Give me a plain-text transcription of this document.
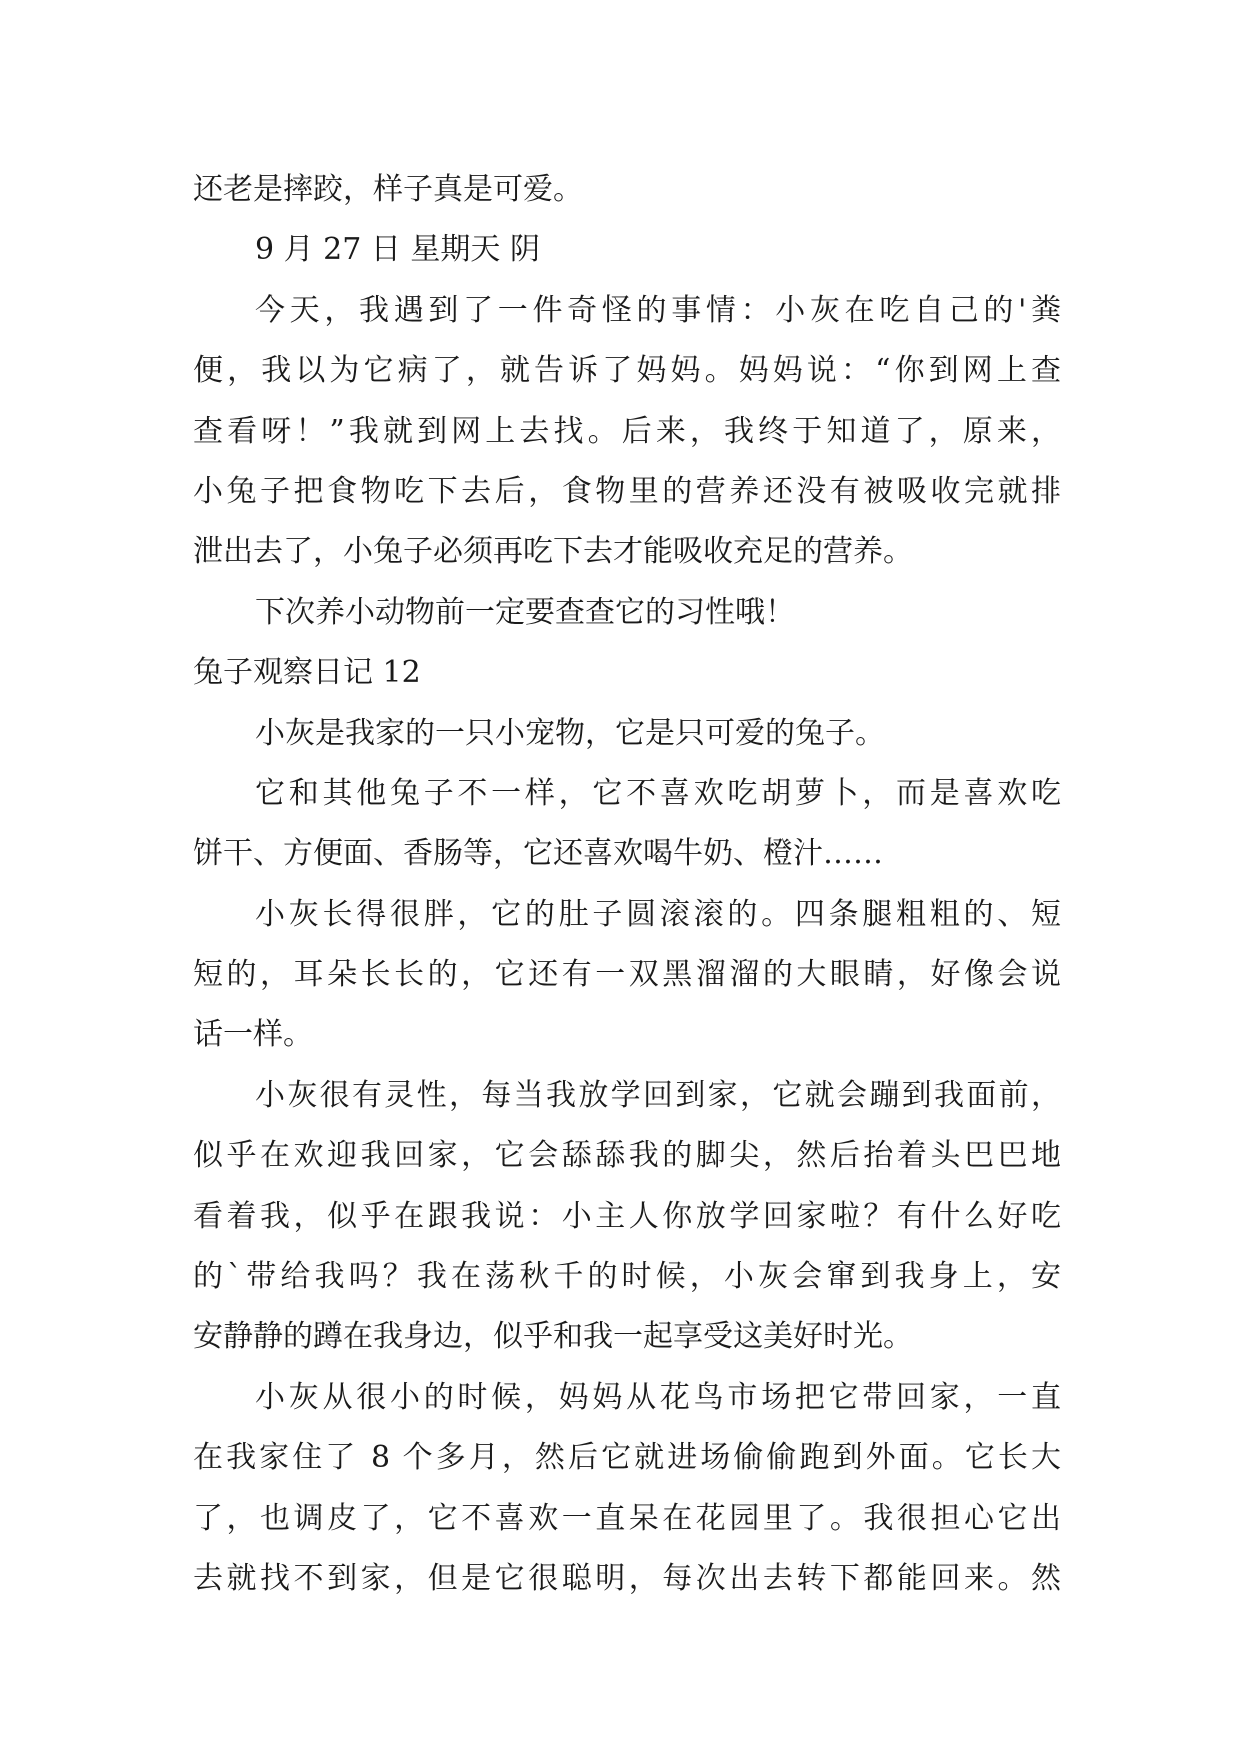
还老是摔跤，样子真是可爱。
9 月 27 日 星期天 阴
今天，我遇到了一件奇怪的事情：小灰在吃自己的'粪
便，我以为它病了，就告诉了妈妈。妈妈说：“你到网上查
查看呀！”我就到网上去找。后来，我终于知道了，原来，
小兔子把食物吃下去后，食物里的营养还没有被吸收完就排
泄出去了，小兔子必须再吃下去才能吸收充足的营养。
下次养小动物前一定要查查它的习性哦！
兔子观察日记 12
小灰是我家的一只小宠物，它是只可爱的兔子。
它和其他兔子不一样，它不喜欢吃胡萝卜，而是喜欢吃
饼干、方便面、香肠等，它还喜欢喝牛奶、橙汁……
小灰长得很胖，它的肚子圆滚滚的。四条腿粗粗的、短
短的，耳朵长长的，它还有一双黑溜溜的大眼睛，好像会说
话一样。
小灰很有灵性，每当我放学回到家，它就会蹦到我面前，
似乎在欢迎我回家，它会舔舔我的脚尖，然后抬着头巴巴地
看着我，似乎在跟我说：小主人你放学回家啦？有什么好吃
的`带给我吗？我在荡秋千的时候，小灰会窜到我身上，安
安静静的蹲在我身边，似乎和我一起享受这美好时光。
小灰从很小的时候，妈妈从花鸟市场把它带回家，一直
在我家住了 8 个多月，然后它就进场偷偷跑到外面。它长大
了，也调皮了，它不喜欢一直呆在花园里了。我很担心它出
去就找不到家，但是它很聪明，每次出去转下都能回来。然
